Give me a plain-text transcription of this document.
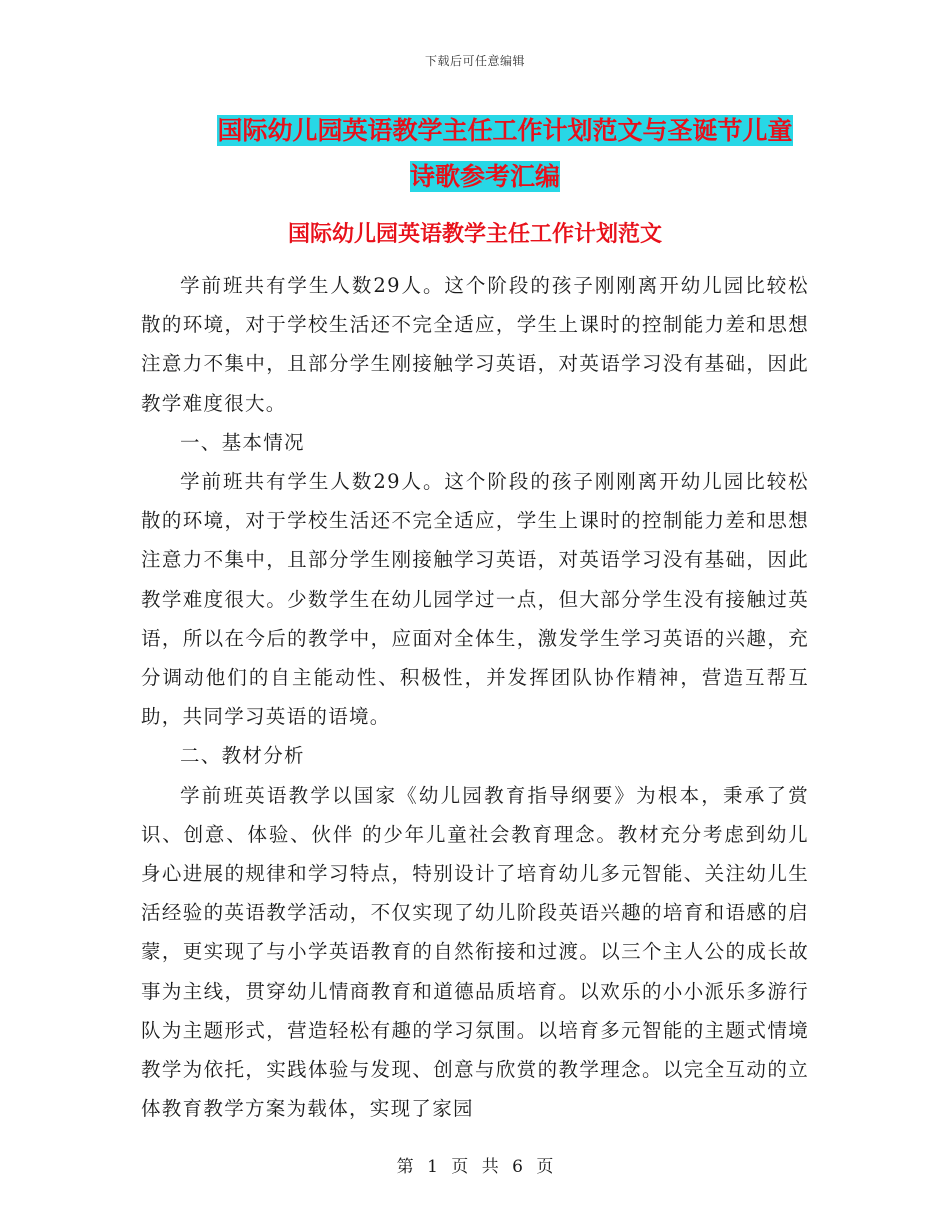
下载后可任意编辑
国际幼儿园英语教学主任工作计划范文与圣诞节儿童
诗歌参考汇编
国际幼儿园英语教学主任工作计划范文

学前班共有学生人数29人。这个阶段的孩子刚刚离开幼儿园比较松散的环境，对于学校生活还不完全适应，学生上课时的控制能力差和思想注意力不集中，且部分学生刚接触学习英语，对英语学习没有基础，因此教学难度很大。

一、基本情况

学前班共有学生人数29人。这个阶段的孩子刚刚离开幼儿园比较松散的环境，对于学校生活还不完全适应，学生上课时的控制能力差和思想注意力不集中，且部分学生刚接触学习英语，对英语学习没有基础，因此教学难度很大。少数学生在幼儿园学过一点，但大部分学生没有接触过英语，所以在今后的教学中，应面对全体生，激发学生学习英语的兴趣，充分调动他们的自主能动性、积极性，并发挥团队协作精神，营造互帮互助，共同学习英语的语境。

二、教材分析

学前班英语教学以国家《幼儿园教育指导纲要》为根本，秉承了赏识、创意、体验、伙伴 的少年儿童社会教育理念。教材充分考虑到幼儿身心进展的规律和学习特点，特别设计了培育幼儿多元智能、关注幼儿生活经验的英语教学活动，不仅实现了幼儿阶段英语兴趣的培育和语感的启蒙，更实现了与小学英语教育的自然衔接和过渡。以三个主人公的成长故事为主线，贯穿幼儿情商教育和道德品质培育。以欢乐的小小派乐多游行队为主题形式，营造轻松有趣的学习氛围。以培育多元智能的主题式情境教学为依托，实践体验与发现、创意与欣赏的教学理念。以完全互动的立体教育教学方案为载体，实现了家园

第 1 页 共 6 页
